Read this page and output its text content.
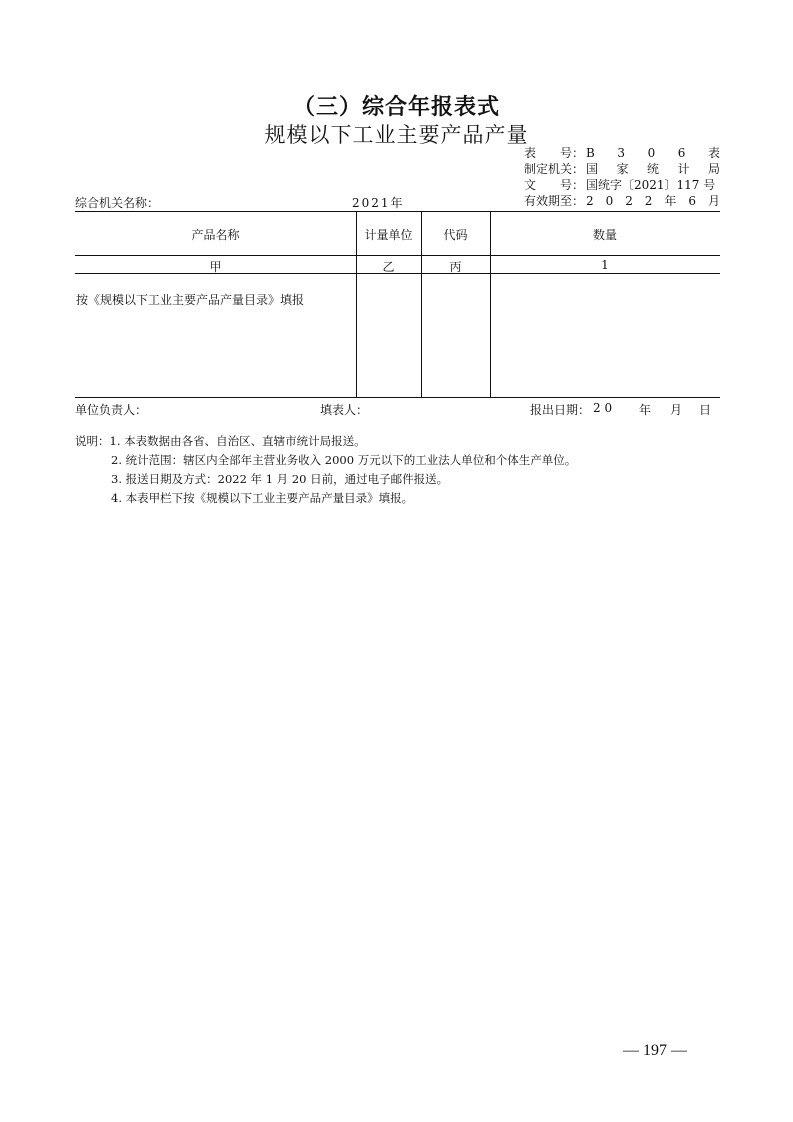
（三）综合年报表式
规模以下工业主要产品产量
表 号： B 3 0 6 表
制定机关： 国 家 统 计 局
文 号： 国统字〔2021〕117 号
有效期至： 2 0 2 2 年 6 月
综合机关名称：	2021年
产品名称	计量单位	代码	数量
甲	乙	丙	1
按《规模以下工业主要产品产量目录》填报
单位负责人：	填表人：	报出日期： 2 0 年 月 日
说明：1. 本表数据由各省、自治区、直辖市统计局报送。
2. 统计范围：辖区内全部年主营业务收入 2000 万元以下的工业法人单位和个体生产单位。
3. 报送日期及方式：2022 年 1 月 20 日前，通过电子邮件报送。
4. 本表甲栏下按《规模以下工业主要产品产量目录》填报。
— 197 —
